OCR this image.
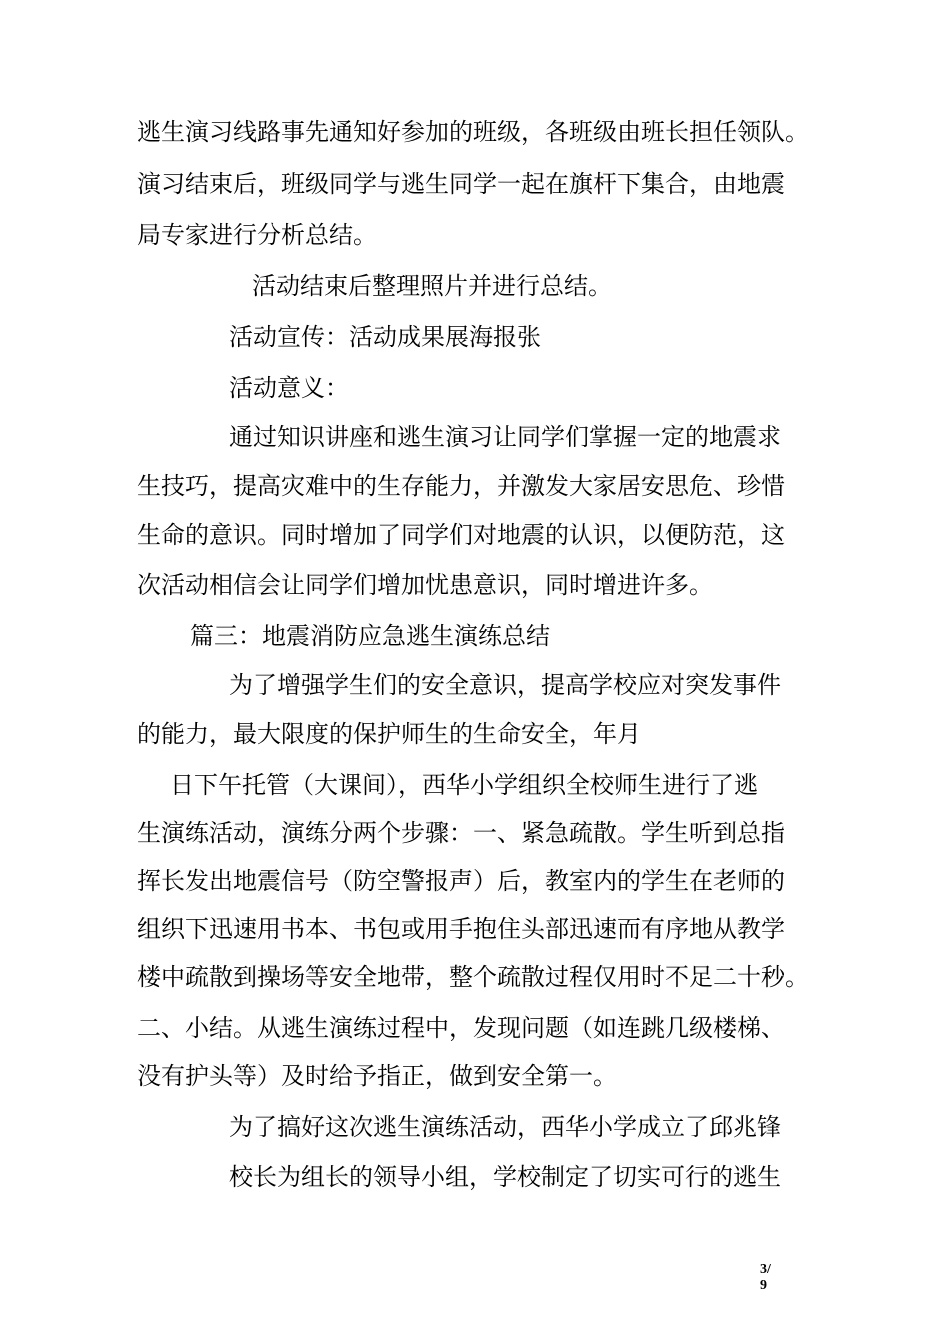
逃生演习线路事先通知好参加的班级，各班级由班长担任领队。

演习结束后，班级同学与逃生同学一起在旗杆下集合，由地震

局专家进行分析总结。

活动结束后整理照片并进行总结。

活动宣传：活动成果展海报张

活动意义：

通过知识讲座和逃生演习让同学们掌握一定的地震求

生技巧，提高灾难中的生存能力，并激发大家居安思危、珍惜

生命的意识。同时增加了同学们对地震的认识，以便防范，这

次活动相信会让同学们增加忧患意识，同时增进许多。

篇三：地震消防应急逃生演练总结

为了增强学生们的安全意识，提高学校应对突发事件

的能力，最大限度的保护师生的生命安全，年月

日下午托管（大课间），西华小学组织全校师生进行了逃

生演练活动，演练分两个步骤：一、紧急疏散。学生听到总指

挥长发出地震信号（防空警报声）后，教室内的学生在老师的

组织下迅速用书本、书包或用手抱住头部迅速而有序地从教学

楼中疏散到操场等安全地带，整个疏散过程仅用时不足二十秒。

二、小结。从逃生演练过程中，发现问题（如连跳几级楼梯、

没有护头等）及时给予指正，做到安全第一。

为了搞好这次逃生演练活动，西华小学成立了邱兆锋

校长为组长的领导小组，学校制定了切实可行的逃生

3/
9
